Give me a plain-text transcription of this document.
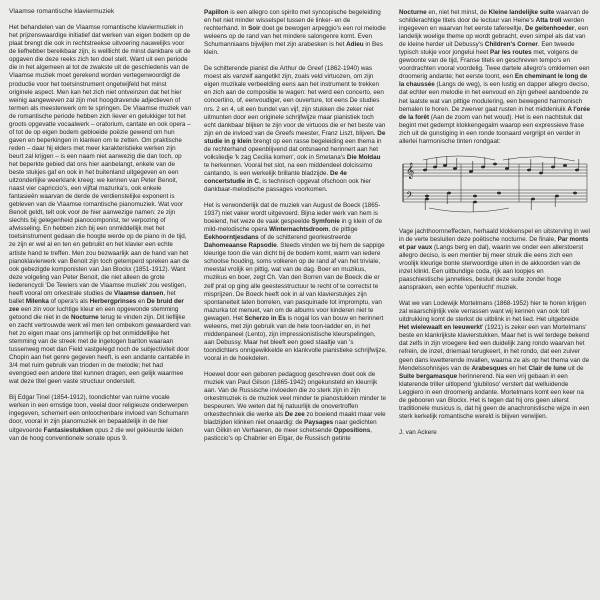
Vlaamse romantische klaviermuziek

Het behandelen van de Vlaamse romantische klaviermuziek in het prijzenswaardige initiatief dat werken van eigen bodem op de plaat brengt die ook in rechtstreekse uitvoering nauwelijks voor de liefhebber bereikbaar zijn, is welllicht de minst dankbare uit de opgaven die deze reeks zich ten doel stelt. Want uit een periode die in het algemeen al tot de zwakste uit de geschiedenis van de Vlaamse muziek moet gerekend worden vertegenwoordigt de productie voor het toetsinstrument ongetwijfeld het minst originele aspect. Men kan het zich niet ontveinzen dat het hier weinig aangeweven zal zijn met hoogdravende adjectieven of termen als meesterwerk om te springen. De Vlaamse muziek van de romantische periode hebben zich liever en gelukkiger tot het groots opgevatte vocaalwerk – oratorium, cantate en ook opera – of tot de op eigen bodem gebloeide poëzie gewend om hun gaven en beperkingen in klanken om te zetten. Om praktische reden – daar hij elders met meer karakteristieke werken zijn beurt zal krijgen – is een naam niet aanwezig die dan toch, op het beperkte gebied dat ons hier aanbelangt, enkele van de beste stukjes gaf en ook in het buitenland uitgegeven en een uitzonderlijke weerklank kreeg: we kennen van Peter Benoit, naast vier capriccio's, een vijftal mazurka's, ook enkele fantasieën waarvan de derde de verdienstelijke exponent is gebleven van de Vlaamse romantische pianomuziek. Wat voor Benoit geldt, telt ook voor de hier aanwezige namen: ze zijn slechts bij gelegenheid pianocomponist, ter verpozing of afwisseling. En hebben zich bij een onmiddellijk met het toetsinstrument gedaan die hoogte werde op de piano in de tijd, ze zijn er wel al en ten en gebruikt en het klavier een echte artiste hand te treffen. Men zou bezwaarlijk aan de hand van het pianoklavierwerk van Benoit zijn toch getemperd spreken aan de ook gebezigde komponisten van Jan Blockx (1851-1912). Want deze volgeling van Peter Benoit, die niet alleen de grote liederencycli 'De Tewiers van de Vlaamse muziek' zou vestigen, heeft vooral om orkestrale studies de Vlaamse dansen, het ballet Milenka of opera's als Herbergprinses en De bruid der zee een zin voor luchtige kleur en een opgewonde stemming getoond die niet in de Nocturne terug te vinden zijn. Dit lieflijke en zacht vertrouwde werk wil men ten ombekom gewaarderd van het zo eigen maar ons jammerlijk op het onmiddellijke het stemming van de streek met de ingetogen bariton waaraan tussenweg moet dan Field vastgelegd noch de subjectiviteit door Chopin aan het genre gegeven heeft, is een andante cantabile in 3/4 met ruim gebruik van trioden in de melodie; het had evengoed een andere titel kunnen dragen, een gelijk waarmee wat deze titel geen vaste structuur onderstelt.

Bij Edgar Tinel (1854-1912), toondichter van ruime vocale werken in een ernstige toon, veelal door religieuze onderwerpen ingegeven, schemert een onloochenbare invloed van Schumann door, vooral in zijn pianomuziek en bepaaldelijk in de hier uitgevoerde Fantasiestukken opus 2 die wel gekleurde leiden van de hoog conventionele sonate opus 9.

Papillon is een allegro con spirito met syncopische begeleiding en het niet minder wisselspel tussen de linker- en de rechterhand. In Soir doet ge bewogen arpeggio's een rol melodie weleens op de rand van het mindere salongenre komt. Even Schumanniaans bijwijlen met zijn arabesken is het Adieu in Bes klein.

De schitterende pianist die Arthur de Greef (1862-1940) was moest als vanzelf aangetikt zijn, zoals veld virtuozen, om zijn eigen muzikale verbeelding eens aan het instrument te trekken en zich aan de compositie te wagen: het werd een concerto, een concertino, of, eenvoudiger, een ouverture, tot eens De studies nrs. 2 en 4, uit een bundel van vijf, zijn stukken die zeker niet uitmunten door een originele schrijfwijze maar pianistiek toch echt dankbaar blijken te zijn voor de virtuoos die er het beste van zijn en de invloed van de Greefs meester, Franz Liszt, blijven. De studie in g klein brengt op een rasse begeleiding een thema in de rechterhand opeenblijvend dat ontsnaend herinnert aan het volksliedje 'k zag Cecilia komen', ook in Smetana's Die Moldau te herkennen. Vooral het slot, na een middendeel dolcissimo cantando, is een werkelijk brillante bladzijde. De 4e concertstudie in C, is technisch opgevat ofschoon ook hier dankbaar-melodische passages voorkomen.

Het is verwonderlijk dat de muziek van August de Boeck (1865-1937) niet vaker wordt uitgevoerd. Bijna ieder werk van hem is boeiend, het weze de vaak gespeelde Symfonie in g klein of de mild-melodische opera Winternachtsdroom, de pittige Eekhoorntjesdans of de schitterend georkestreerde Dahomeaanse Rapsodie. Steeds vinden we bij hem de sappige kleurige toon die van dicht bij de bodem komt, warm van iedere schoolse houding, soms volkeren op de rand af van het triviale, meestal vrolijk en pittig, wat van de dag. Boer en muzikus, muzikus en boer, zegt Ch. Van den Borren van de Boeck die er zelf prat op ging alle geestesstructuur te recht of te correctst te misprijzen. De Boeck heeft ook in al van klavierstukjes zijn spontaneiteit laten borrelen, van pasquinade tot impromptu, van mazurka tot menuet, van om de albums voor kinderen niet te gewagen. Het Scherzo in Es is nogal los van bouw en herinnert weleens, met zijn gebruik van de hele toon-ladder en, in het middenpaneel (Lento), zijn impressionistische kleurspelingen, aan Debussy. Maar het bleeft een goed staaltje van 's toondichters onnigewikkelde en klankvolle pianistieke schrijfwijze, vooral in de hoekdelen.

Hoewel door een geboren pedagoog geschreven doet ook de muziek van Paul Gilson (1865-1942) ongekunsteld en kleurrijk aan. Van de Russische invloeden die zo sterk zijn in zijn orkestmuziek is de muziek veel minder te pianostukken minder te bespeuren. We weten dat hij natuurlijk de onovertroffen orkesttechniek die werke als De zee zo boeiend maakt maar vele bladzijden klinken niet onaardig: de Paysages naar gedichten van Gilkin en Verhaeren, de meer schetsende Oppositions, pasticcio's op Chabrier en Elgar, de Russisch getinte

Nocturne en, niet het minst, de Kleine landelijke suite waarvan de schilderachtige titels door de lectuur van Heine's Atta troll werden ingegeven en waarvan het eerste tafereeltje, De geitenhoeder, een landelijk woelige theme op wordt gebracht, even simpel als dat van de kleine herder uit Debussy's Children's Corner. Een tweede typisch stukje voor jongelui heet Par les routes met, volgens de gewoonte van de tijd, Franse titels en geschreven tempo's en voordrachten vooral voordelig. Twee dartele allegro's omklemen een droomerig andante; het eerste toont, een En cheminant le long de la chaussée (Langs de weg), is een lustig en dapper allegro deciso, dat echter een melodie in het eenvoud en zijn geheel aandoende ze het laatste wat van pittige modulering, een bewegend harmonisch bemalen te horen. De zwerver gaat rusten in het middenluik A l'orée de la forêt (Aan de zoom van het woud). Het is een nachtstuk dat begint met gedempt klokkengegalm waarop een expressieve frase zich uit de gunstiging in een ronde toonaard vergrijpt en verder in allerlei harmonische tinten rondgaat:

𝄞
𝄢

Vage jachthoornneffecten, herhaald klokkenspel en uitsterving in wel in de verte besluiten deze poëtische nocturne. De finale, Par monts et par vaux (Langs berg en dal), waarin we onder een allerstoerst allegro deciso, is een mentier bij meer struik die eens zich een vroolijk kleurige bonte sterwoordige uiten in de akkoorden van de inzet klinkt. Een uitbundige coda, rijk aan loopjes en paaschiestische jannelkes, besluit deze suite zonder hoge aanspraken, een echte 'openlucht' muziek.

Wat we van Lodewijk Mortelmans (1868-1952) hier te horen krijgen zal waarschijnlijk vele verrassen want wij kennen van ook toit uitdrukking komt de sterkst de uitblink in het lied. Het uitgebreide Het wielewaalt en leeuwerkt' (1921) is zeker een van Mortelmans' beste en klankrijkste klavierstukken. Maar het is wel terdege bekend dat zelfs in zijn vroegere lied een duidelijk zang rondo waarvan het refrein, de inzet, driemaal terugkeert, in het rondo, dat een zuiver geen dans kwetterende invallen, waarna ze als op het thema van de Mendelssohnisjes van de Arabesques en het Clair de lune uit de Suite bergamasque herinnerend. Na een vrij gebaan in een klaterende triller uitlopend 'giubiloso' verstert dat welluidende Leggiero in een droomerig andante. Mortelmans komt een keer na de gebooren van Blockx. Het is tegen dat hij ons geen uiterst traditionele musicus is, dat hij geen de anachronistische wijze in een sterk kerkelijk romantische wereld is blijven verwijlen.

J. van Ackere
